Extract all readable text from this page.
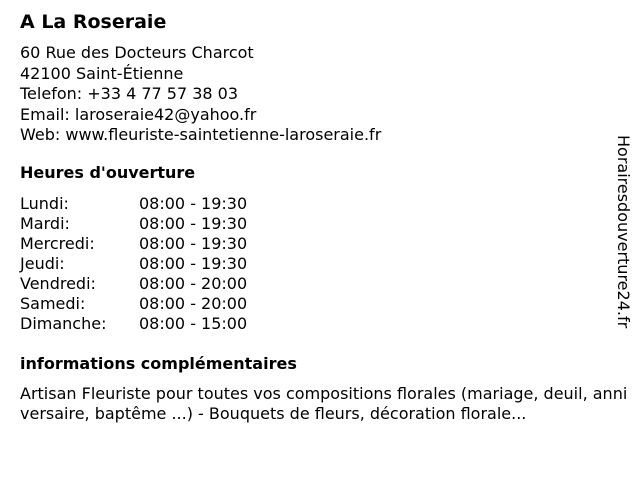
A La Roseraie
60 Rue des Docteurs Charcot
42100 Saint-Étienne
Telefon: +33 4 77 57 38 03
Email: laroseraie42@yahoo.fr
Web: www.fleuriste-saintetienne-laroseraie.fr
Heures d'ouverture
Lundi:	08:00 - 19:30
Mardi:	08:00 - 19:30
Mercredi:	08:00 - 19:30
Jeudi:	08:00 - 19:30
Vendredi:	08:00 - 20:00
Samedi:	08:00 - 20:00
Dimanche: 08:00 - 15:00
informations complémentaires
Artisan Fleuriste pour toutes vos compositions florales (mariage, deuil, anniversaire, baptême ...) - Bouquets de fleurs, décoration florale...
Horairesdouverture24.fr
